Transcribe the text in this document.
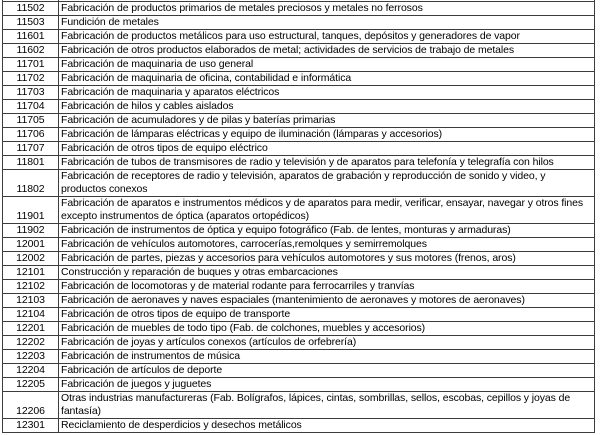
11502	Fabricación de productos primarios de metales preciosos y metales no ferrosos
11503	Fundición de metales
11601	Fabricación de productos metálicos para uso estructural, tanques, depósitos y generadores de vapor
11602	Fabricación de otros productos elaborados de metal; actividades de servicios de trabajo de metales
11701	Fabricación de maquinaria de uso general
11702	Fabricación de maquinaria de oficina, contabilidad e informática
11703	Fabricación de maquinaria y aparatos eléctricos
11704	Fabricación de hilos y cables aislados
11705	Fabricación de acumuladores y de pilas y baterías primarias
11706	Fabricación de lámparas eléctricas y equipo de iluminación (lámparas y accesorios)
11707	Fabricación de otros tipos de equipo eléctrico
11801	Fabricación de tubos de transmisores de radio y televisión y de aparatos para telefonía y telegrafía con hilos
11802	Fabricación de receptores de radio y televisión, aparatos de grabación y reproducción de sonido y video, y productos conexos
11901	Fabricación de aparatos e instrumentos médicos y de aparatos para medir, verificar, ensayar, navegar y otros fines excepto instrumentos de óptica (aparatos ortopédicos)
11902	Fabricación de instrumentos de óptica y equipo fotográfico (Fab. de lentes, monturas y armaduras)
12001	Fabricación de vehículos automotores, carrocerías,remolques y semirremolques
12002	Fabricación de partes, piezas y accesorios para vehículos automotores y sus motores (frenos, aros)
12101	Construcción y reparación de buques y otras embarcaciones
12102	Fabricación de locomotoras y de material rodante para ferrocarriles y tranvías
12103	Fabricación de aeronaves y naves espaciales (mantenimiento de aeronaves y motores de aeronaves)
12104	Fabricación de otros tipos de equipo de transporte
12201	Fabricación de muebles de todo tipo (Fab. de colchones, muebles y accesorios)
12202	Fabricación de joyas y artículos conexos (artículos de orfebrería)
12203	Fabricación de instrumentos de música
12204	Fabricación de artículos de deporte
12205	Fabricación de juegos y juguetes
12206	Otras industrias manufactureras (Fab. Bolígrafos, lápices, cintas, sombrillas, sellos, escobas, cepillos y joyas de fantasía)
12301	Reciclamiento de desperdicios y desechos metálicos
